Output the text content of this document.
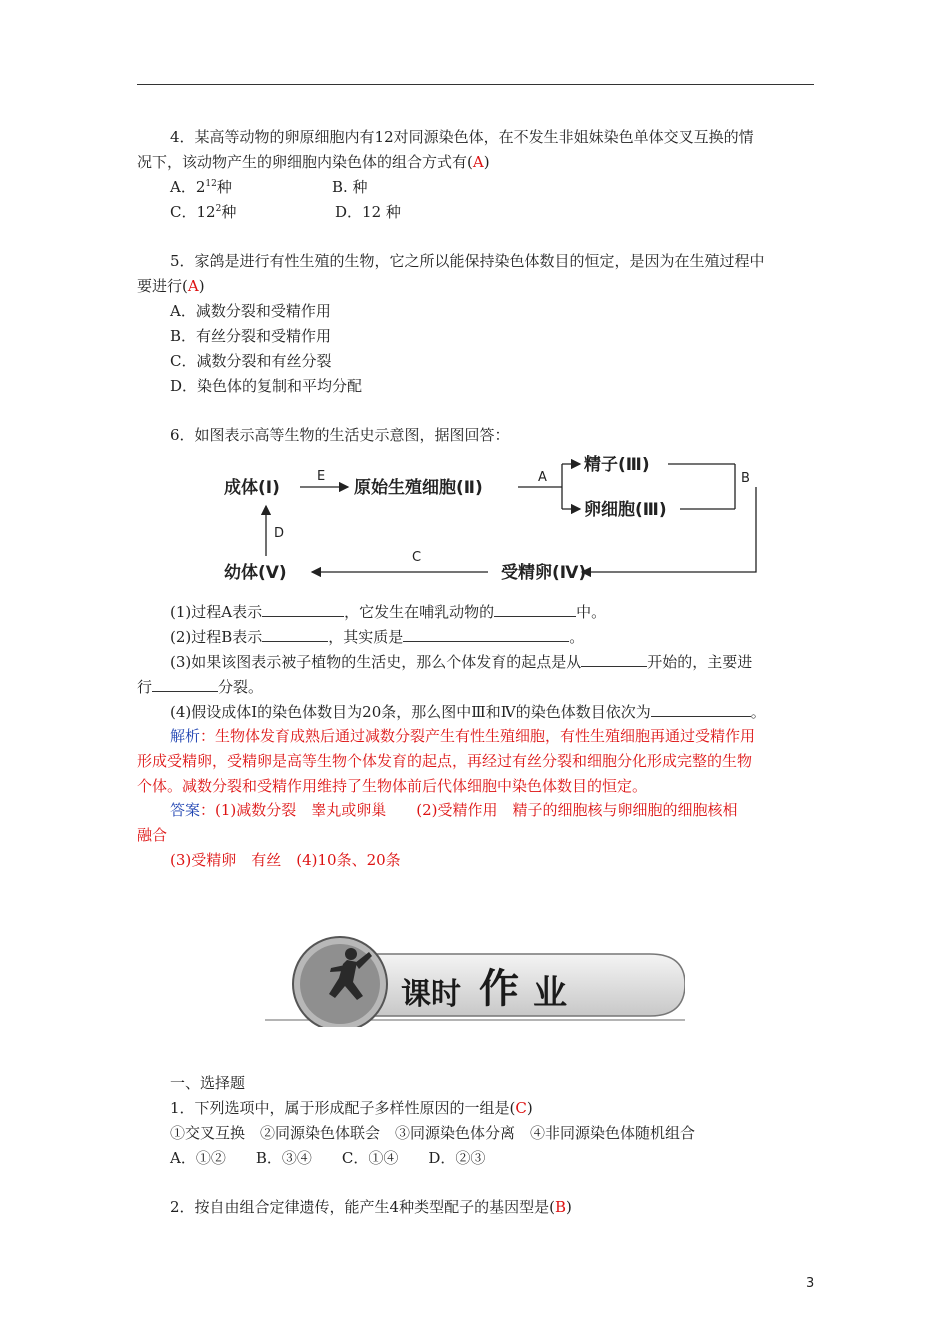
4．某高等动物的卵原细胞内有12对同源染色体，在不发生非姐妹染色单体交叉互换的情
况下，该动物产生的卵细胞内染色体的组合方式有(A)
A．$2^{12}$种	B. 种
C．$12^2$种	D．12 种
5．家鸽是进行有性生殖的生物，它之所以能保持染色体数目的恒定，是因为在生殖过程中
要进行(A)
A．减数分裂和受精作用
B．有丝分裂和受精作用
C．减数分裂和有丝分裂
D．染色体的复制和平均分配
6．如图表示高等生物的生活史示意图，据图回答：
成体(Ⅰ)
E
原始生殖细胞(Ⅱ)
A
精子(Ⅲ)
卵细胞(Ⅲ)
B
受精卵(Ⅳ)
C
幼体(Ⅴ)
D
(1)过程A表示	，它发生在哺乳动物的	中。
(2)过程B表示	，其实质是	。
(3)如果该图表示被子植物的生活史，那么个体发育的起点是从	开始的，主要进
行	分裂。
(4)假设成体Ⅰ的染色体数目为20条，那么图中Ⅲ和Ⅳ的染色体数目依次为	。
解析：生物体发育成熟后通过减数分裂产生有性生殖细胞，有性生殖细胞再通过受精作用
形成受精卵，受精卵是高等生物个体发育的起点，再经过有丝分裂和细胞分化形成完整的生物
个体。减数分裂和受精作用维持了生物体前后代体细胞中染色体数目的恒定。
答案：(1)减数分裂　睾丸或卵巢　　(2)受精作用　精子的细胞核与卵细胞的细胞核相
融合
(3)受精卵　有丝　(4)10条、20条
课时 作 业
一、选择题
1．下列选项中，属于形成配子多样性原因的一组是(C)
①交叉互换　②同源染色体联会　③同源染色体分离　④非同源染色体随机组合
A．①②　　B．③④　　C．①④　　D．②③
2．按自由组合定律遗传，能产生4种类型配子的基因型是(B)
3
